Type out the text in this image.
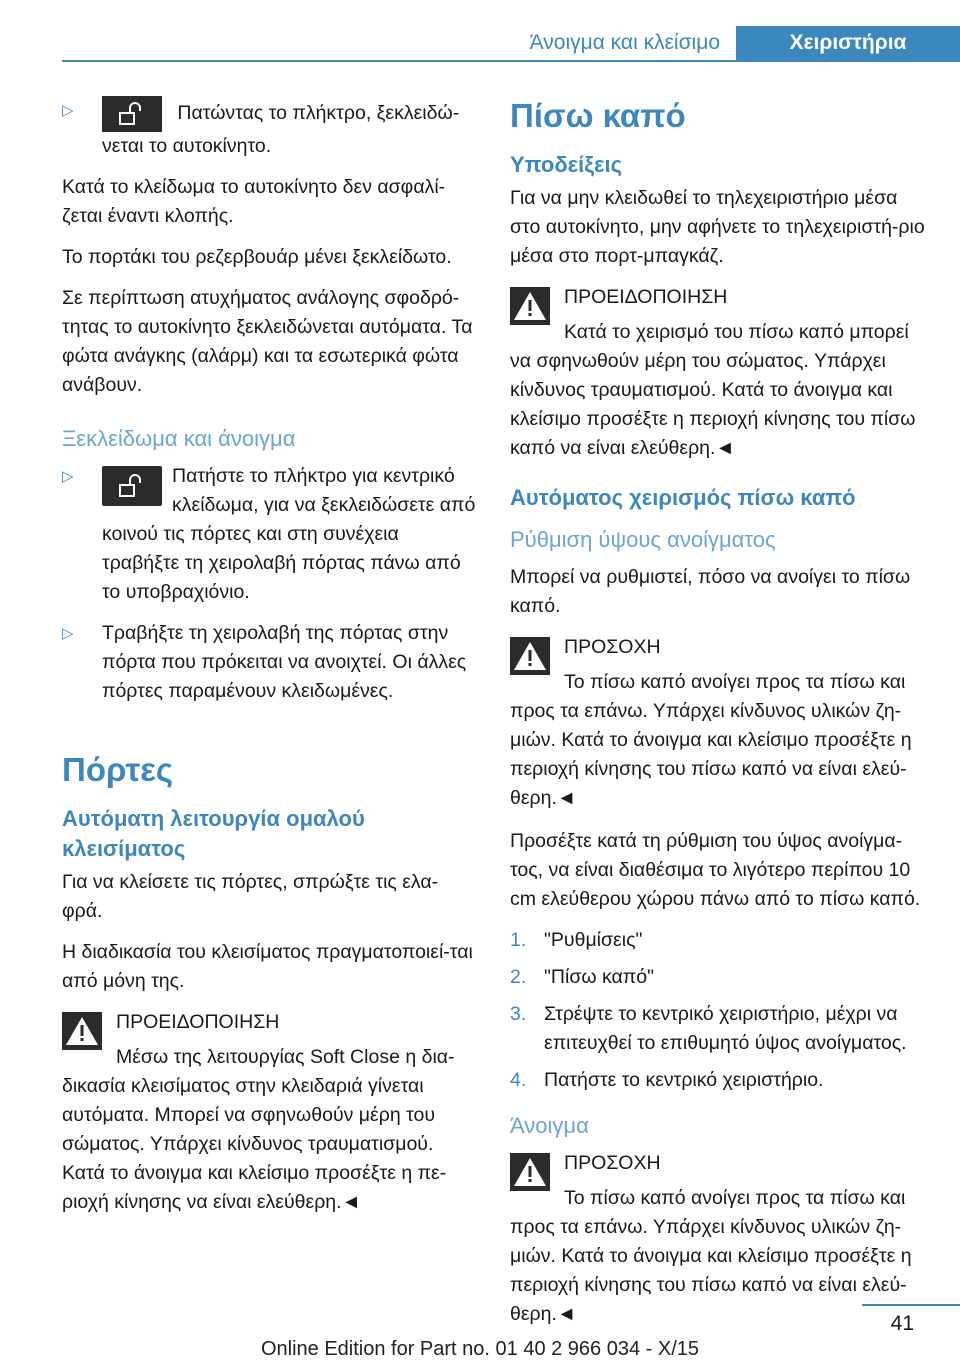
Άνοιγμα και κλείσιμο	Χειριστήρια
▷	Πατώντας το πλήκτρο, ξεκλειδώ-νεται το αυτοκίνητο.

Κατά το κλείδωμα το αυτοκίνητο δεν ασφαλί-ζεται έναντι κλοπής.

Το πορτάκι του ρεζερβουάρ μένει ξεκλείδωτο.

Σε περίπτωση ατυχήματος ανάλογης σφοδρό-τητας το αυτοκίνητο ξεκλειδώνεται αυτόματα. Τα φώτα ανάγκης (αλάρμ) και τα εσωτερικά φώτα ανάβουν.

Ξεκλείδωμα και άνοιγμα
▷	Πατήστε το πλήκτρο για κεντρικό κλείδωμα, για να ξεκλειδώσετε από κοινού τις πόρτες και στη συνέχεια τραβήξτε τη χειρολαβή πόρτας πάνω από το υποβραχιόνιο.
▷ Τραβήξτε τη χειρολαβή της πόρτας στην πόρτα που πρόκειται να ανοιχτεί. Οι άλλες πόρτες παραμένουν κλειδωμένες.
Πόρτες
Αυτόματη λειτουργία ομαλού κλεισίματος

Για να κλείσετε τις πόρτες, σπρώξτε τις ελα-φρά.

Η διαδικασία του κλεισίματος πραγματοποιεί-ται από μόνη της.

ΠΡΟΕΙΔΟΠΟΙΗΣΗ
Μέσω της λειτουργίας Soft Close η δια-δικασία κλεισίματος στην κλειδαριά γίνεται αυτόματα. Μπορεί να σφηνωθούν μέρη του σώματος. Υπάρχει κίνδυνος τραυματισμού. Κατά το άνοιγμα και κλείσιμο προσέξτε η πε-ριοχή κίνησης να είναι ελεύθερη.◄
Πίσω καπό
Υποδείξεις

Για να μην κλειδωθεί το τηλεχειριστήριο μέσα στο αυτοκίνητο, μην αφήνετε το τηλεχειριστή-ριο μέσα στο πορτ-μπαγκάζ.

ΠΡΟΕΙΔΟΠΟΙΗΣΗ
Κατά το χειρισμό του πίσω καπό μπορεί να σφηνωθούν μέρη του σώματος. Υπάρχει κίνδυνος τραυματισμού. Κατά το άνοιγμα και κλείσιμο προσέξτε η περιοχή κίνησης του πίσω καπό να είναι ελεύθερη.◄
Αυτόματος χειρισμός πίσω καπό
Ρύθμιση ύψους ανοίγματος

Μπορεί να ρυθμιστεί, πόσο να ανοίγει το πίσω καπό.

ΠΡΟΣΟΧΗ
Το πίσω καπό ανοίγει προς τα πίσω και προς τα επάνω. Υπάρχει κίνδυνος υλικών ζη-μιών. Κατά το άνοιγμα και κλείσιμο προσέξτε η περιοχή κίνησης του πίσω καπό να είναι ελεύ-θερη.◄

Προσέξτε κατά τη ρύθμιση του ύψος ανοίγμα-τος, να είναι διαθέσιμα το λιγότερο περίπου 10 cm ελεύθερου χώρου πάνω από το πίσω καπό.

1. "Ρυθμίσεις"
2. "Πίσω καπό"
3. Στρέψτε το κεντρικό χειριστήριο, μέχρι να επιτευχθεί το επιθυμητό ύψος ανοίγματος.
4. Πατήστε το κεντρικό χειριστήριο.
Άνοιγμα
ΠΡΟΣΟΧΗ
Το πίσω καπό ανοίγει προς τα πίσω και προς τα επάνω. Υπάρχει κίνδυνος υλικών ζη-μιών. Κατά το άνοιγμα και κλείσιμο προσέξτε η περιοχή κίνησης του πίσω καπό να είναι ελεύ-θερη.◄	41
Online Edition for Part no. 01 40 2 966 034 - X/15
